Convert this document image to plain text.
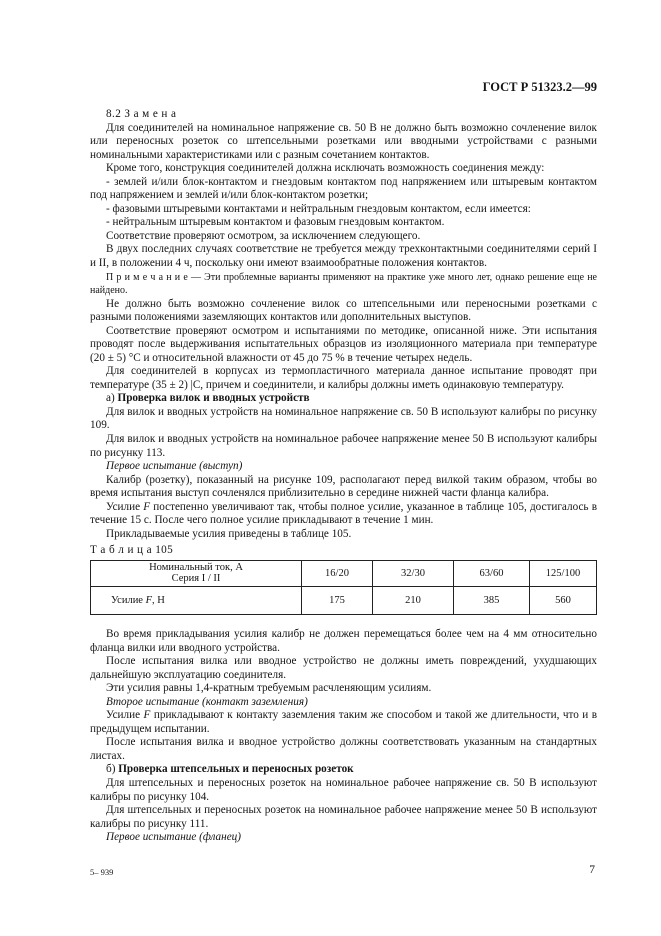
ГОСТ Р 51323.2—99

8.2 З а м е н а

Для соединителей на номинальное напряжение св. 50 В не должно быть возможно сочленение вилок или переносных розеток со штепсельными розетками или вводными устройствами с разными номинальными характеристиками или с разным сочетанием контактов.

Кроме того, конструкция соединителей должна исключать возможность соединения между:

- землей и/или блок-контактом и гнездовым контактом под напряжением или штыревым контактом под напряжением и землей и/или блок-контактом розетки;

- фазовыми штыревыми контактами и нейтральным гнездовым контактом, если имеется:

- нейтральным штыревым контактом и фазовым гнездовым контактом.

Соответствие проверяют осмотром, за исключением следующего.

В двух последних случаях соответствие не требуется между трехконтактными соединителями серий I и II, в положении 4 ч, поскольку они имеют взаимообратные положения контактов.

П р и м е ч а н и е — Эти проблемные варианты применяют на практике уже много лет, однако решение еще не найдено.

Не должно быть возможно сочленение вилок со штепсельными или переносными розетками с разными положениями заземляющих контактов или дополнительных выступов.

Соответствие проверяют осмотром и испытаниями по методике, описанной ниже. Эти испытания проводят после выдерживания испытательных образцов из изоляционного материала при температуре (20 ± 5) °С и относительной влажности от 45 до 75 % в течение четырех недель.

Для соединителей в корпусах из термопластичного материала данное испытание проводят при температуре (35 ± 2) |С, причем и соединители, и калибры должны иметь одинаковую температуру.

а) Проверка вилок и вводных устройств

Для вилок и вводных устройств на номинальное напряжение св. 50 В используют калибры по рисунку 109.

Для вилок и вводных устройств на номинальное рабочее напряжение менее 50 В используют калибры по рисунку 113.

Первое испытание (выступ)

Калибр (розетку), показанный на рисунке 109, располагают перед вилкой таким образом, чтобы во время испытания выступ сочленялся приблизительно в середине нижней части фланца калибра.

Усилие F постепенно увеличивают так, чтобы полное усилие, указанное в таблице 105, достигалось в течение 15 с. После чего полное усилие прикладывают в течение 1 мин.

Прикладываемые усилия приведены в таблице 105.

Т а б л и ц а 105

Номинальный ток, А
Серия I / II	16/20	32/30	63/60	125/100
Усилие F, Н	175	210	385	560

Во время прикладывания усилия калибр не должен перемещаться более чем на 4 мм относительно фланца вилки или вводного устройства.

После испытания вилка или вводное устройство не должны иметь повреждений, ухудшающих дальнейшую эксплуатацию соединителя.

Эти усилия равны 1,4-кратным требуемым расчленяющим усилиям.

Второе испытание (контакт заземления)

Усилие F прикладывают к контакту заземления таким же способом и такой же длительности, что и в предыдущем испытании.

После испытания вилка и вводное устройство должны соответствовать указанным на стандартных листах.

б) Проверка штепсельных и переносных розеток

Для штепсельных и переносных розеток на номинальное рабочее напряжение св. 50 В используют калибры по рисунку 104.

Для штепсельных и переносных розеток на номинальное рабочее напряжение менее 50 В используют калибры по рисунку 111.

Первое испытание (фланец)

5– 939	7
